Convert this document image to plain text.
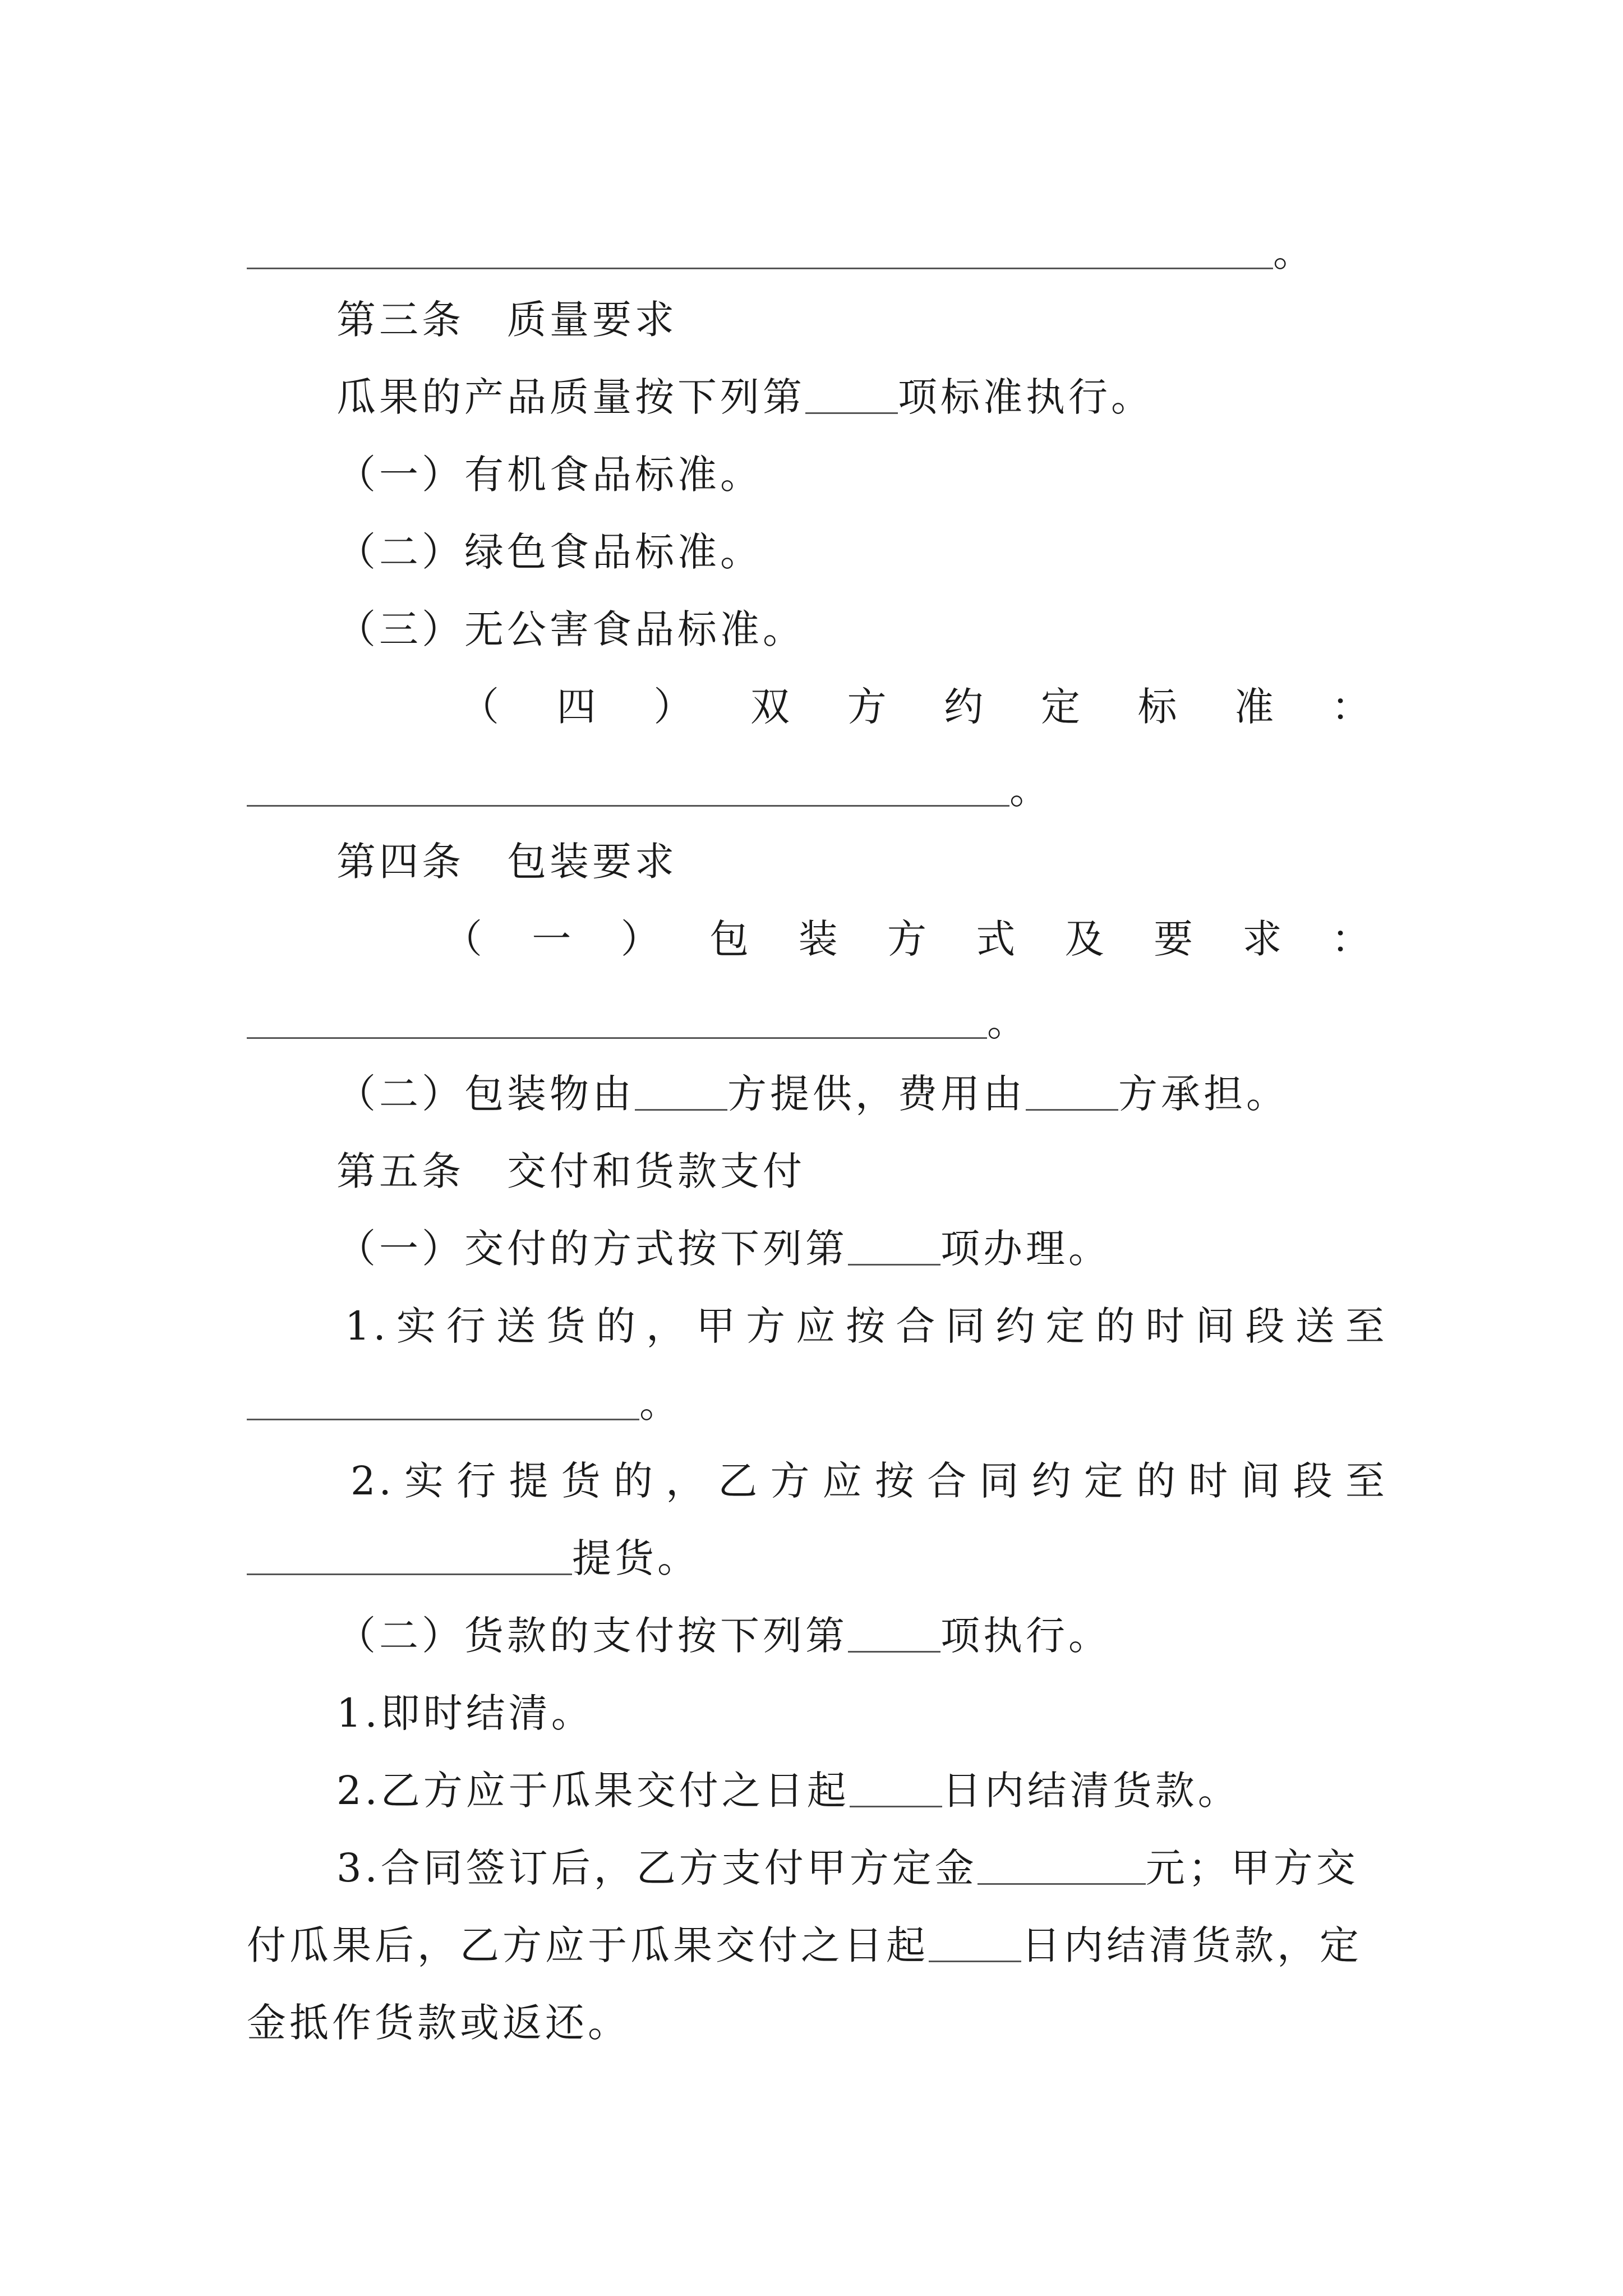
。
第三条　质量要求
瓜果的产品质量按下列第 项标准执行。
（一）有机食品标准。
（二）绿色食品标准。
（三）无公害食品标准。
（ 四 ） 双 方 约 定 标 准 ：
。
第四条　包装要求
（ 一 ） 包 装 方 式 及 要 求 ：
。
（二）包装物由 方提供，费用由 方承担。
第五条　交付和货款支付
（一）交付的方式按下列第 项办理。
1. 实 行 送 货 的 ， 甲 方 应 按 合 同 约 定 的 时 间 段 送 至
。
2. 实 行 提 货 的 ， 乙 方 应 按 合 同 约 定 的 时 间 段 至
提货。
（二）货款的支付按下列第 项执行。
1.即时结清。
2.乙方应于瓜果交付之日起 日内结清货款。
3.合同签订后，乙方支付甲方定金	元；甲方交
付瓜果后，乙方应于瓜果交付之日起 日内结清货款，定
金抵作货款或返还。
